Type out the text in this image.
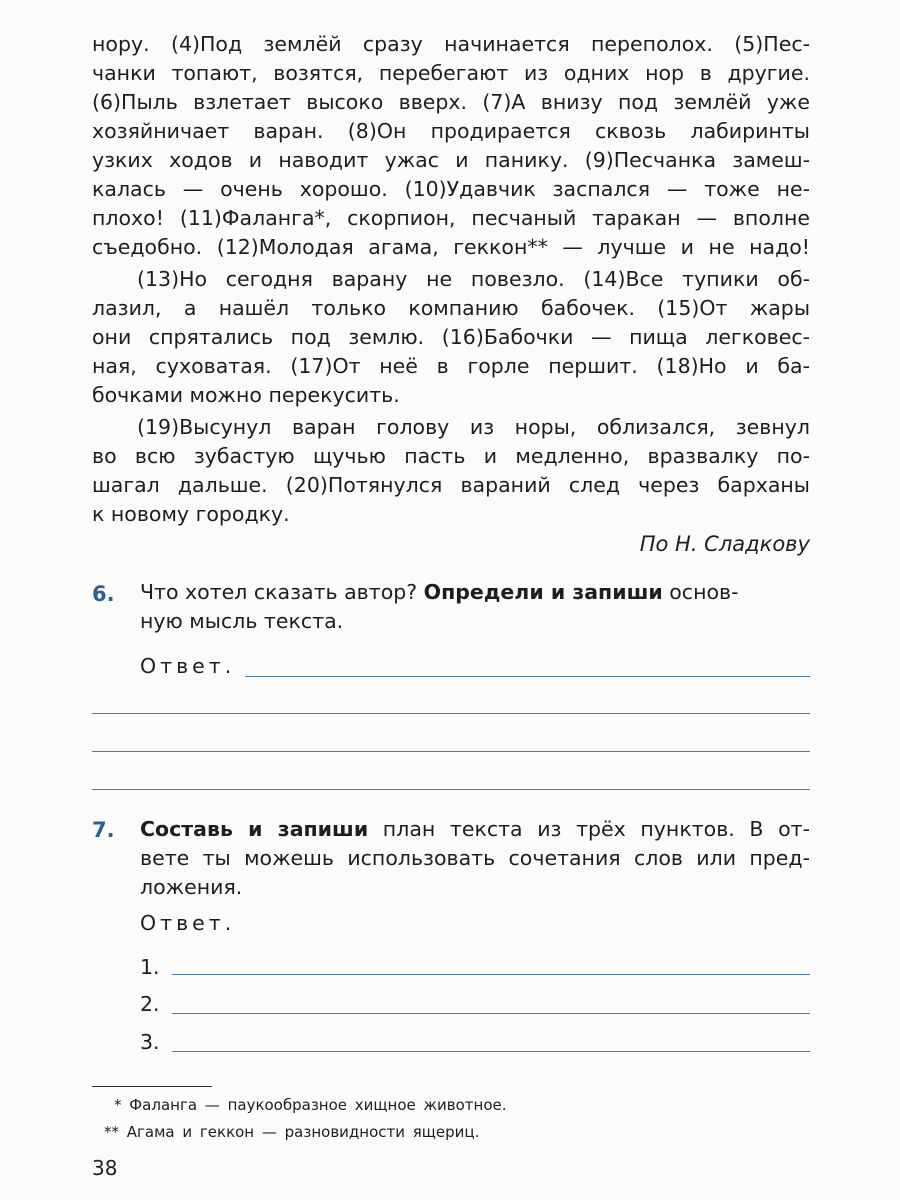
нору. (4)Под землёй сразу начинается переполох. (5)Пес-
чанки топают, возятся, перебегают из одних нор в другие.
(6)Пыль взлетает высоко вверх. (7)А внизу под землёй уже
хозяйничает варан. (8)Он продирается сквозь лабиринты
узких ходов и наводит ужас и панику. (9)Песчанка замеш-
калась — очень хорошо. (10)Удавчик заспался — тоже не-
плохо! (11)Фаланга*, скорпион, песчаный таракан — вполне
съедобно. (12)Молодая агама, геккон** — лучше и не надо!
(13)Но сегодня варану не повезло. (14)Все тупики об-
лазил, а нашёл только компанию бабочек. (15)От жары
они спрятались под землю. (16)Бабочки — пища легковес-
ная, суховатая. (17)От неё в горле першит. (18)Но и ба-
бочками можно перекусить.
(19)Высунул варан голову из норы, облизался, зевнул
во всю зубастую щучью пасть и медленно, вразвалку по-
шагал дальше. (20)Потянулся вараний след через барханы
к новому городку.
По Н. Сладкову
6. Что хотел сказать автор? Определи и запиши основ-
ную мысль текста.
Ответ.
7. Составь и запиши план текста из трёх пунктов. В от-
вете ты можешь использовать сочетания слов или пред-
ложения.
Ответ.
1.
2.
3.
* Фаланга — паукообразное хищное животное.
** Агама и геккон — разновидности ящериц.
38
